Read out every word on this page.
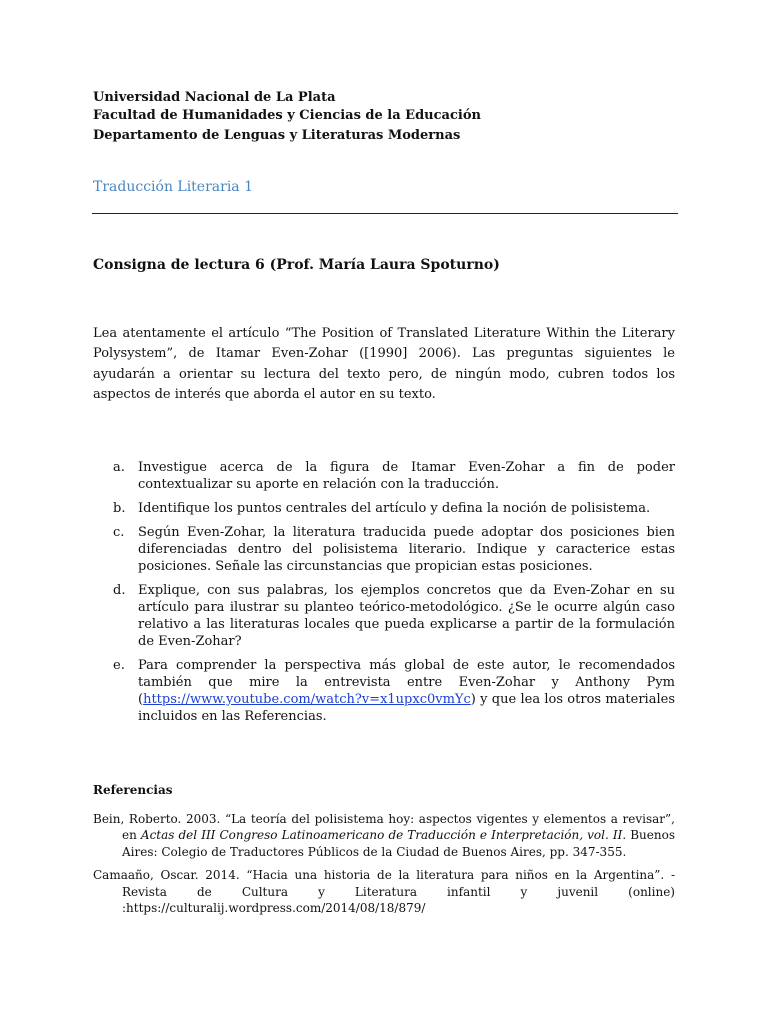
Universidad Nacional de La Plata
Facultad de Humanidades y Ciencias de la Educación
Departamento de Lenguas y Literaturas Modernas
Traducción Literaria 1
Consigna de lectura 6 (Prof. María Laura Spoturno)

Lea atentamente el artículo “The Position of Translated Literature Within the Literary Polysystem”, de Itamar Even-Zohar ([1990] 2006). Las preguntas siguientes le ayudarán a orientar su lectura del texto pero, de ningún modo, cubren todos los aspectos de interés que aborda el autor en su texto.

a. Investigue acerca de la figura de Itamar Even-Zohar a fin de poder contextualizar su aporte en relación con la traducción.
b. Identifique los puntos centrales del artículo y defina la noción de polisistema.
c. Según Even-Zohar, la literatura traducida puede adoptar dos posiciones bien diferenciadas dentro del polisistema literario. Indique y caracterice estas posiciones. Señale las circunstancias que propician estas posiciones.
d. Explique, con sus palabras, los ejemplos concretos que da Even-Zohar en su artículo para ilustrar su planteo teórico-metodológico. ¿Se le ocurre algún caso relativo a las literaturas locales que pueda explicarse a partir de la formulación de Even-Zohar?
e. Para comprender la perspectiva más global de este autor, le recomendados también que mire la entrevista entre Even-Zohar y Anthony Pym (https://www.youtube.com/watch?v=x1upxc0vmYc) y que lea los otros materiales incluidos en las Referencias.
Referencias
Bein, Roberto. 2003. “La teoría del polisistema hoy: aspectos vigentes y elementos a revisar”, en Actas del III Congreso Latinoamericano de Traducción e Interpretación, vol. II. Buenos Aires: Colegio de Traductores Públicos de la Ciudad de Buenos Aires, pp. 347-355.
Camaaño, Oscar. 2014. “Hacia una historia de la literatura para niños en la Argentina”. - Revista de Cultura y Literatura infantil y juvenil (online) :https://culturalij.wordpress.com/2014/08/18/879/
